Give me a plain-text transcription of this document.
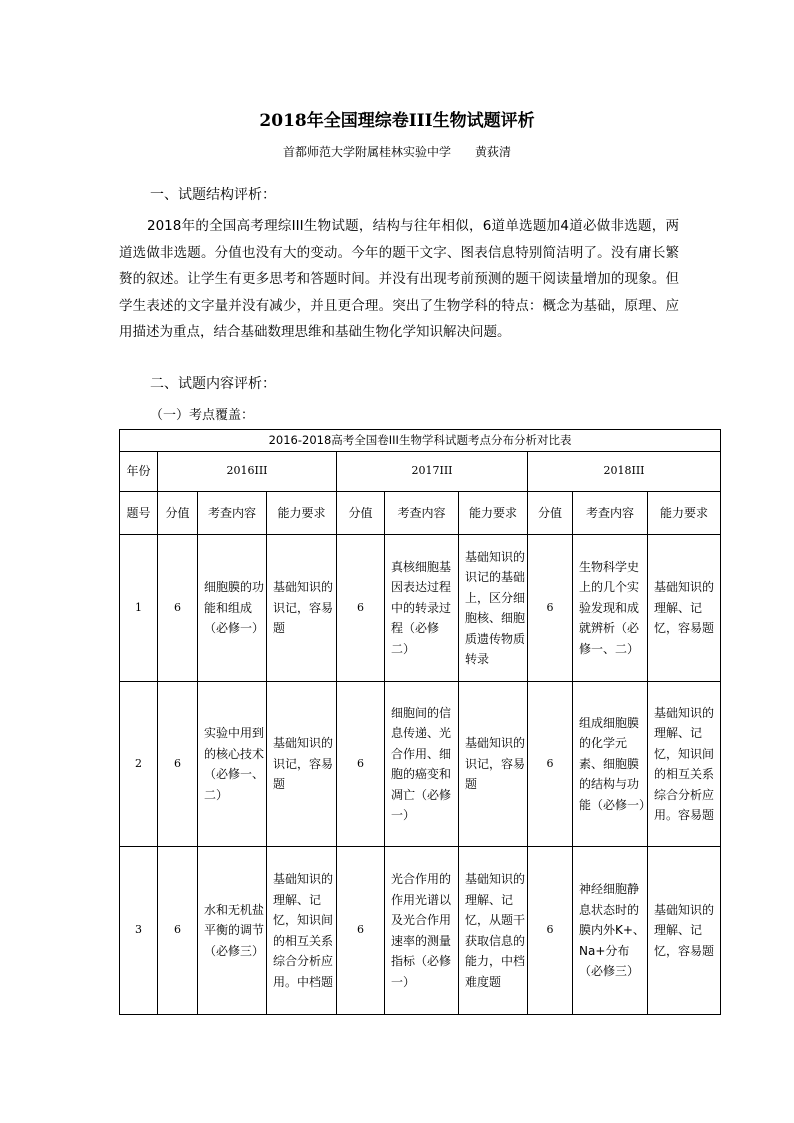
2018年全国理综卷III生物试题评析
首都师范大学附属桂林实验中学 黄荻清
一、试题结构评析：
2018年的全国高考理综III生物试题，结构与往年相似，6道单选题加4道必做非选题，两道选做非选题。分值也没有大的变动。今年的题干文字、图表信息特别简洁明了。没有庸长繁赘的叙述。让学生有更多思考和答题时间。并没有出现考前预测的题干阅读量增加的现象。但学生表述的文字量并没有减少，并且更合理。突出了生物学科的特点：概念为基础，原理、应用描述为重点，结合基础数理思维和基础生物化学知识解决问题。
二、试题内容评析：
（一）考点覆盖：
2016-2018高考全国卷III生物学科试题考点分布分析对比表									
年份	2016III			2017III			2018III		
题号	分值	考查内容	能力要求	分值	考查内容	能力要求	分值	考查内容	能力要求
1	6	细胞膜的功能和组成（必修一）	基础知识的识记，容易题	6	真核细胞基因表达过程中的转录过程（必修二）	基础知识的识记的基础上，区分细胞核、细胞质遗传物质转录	6	生物科学史上的几个实验发现和成就辨析（必修一、二）	基础知识的理解、记忆，容易题
2	6	实验中用到的核心技术（必修一、二）	基础知识的识记，容易题	6	细胞间的信息传递、光合作用、细胞的癌变和凋亡（必修一）	基础知识的识记，容易题	6	组成细胞膜的化学元素、细胞膜的结构与功能（必修一）	基础知识的理解、记忆，知识间的相互关系综合分析应用。容易题
3	6	水和无机盐平衡的调节（必修三）	基础知识的理解、记忆，知识间的相互关系综合分析应用。中档题	6	光合作用的作用光谱以及光合作用速率的测量指标（必修一）	基础知识的理解、记忆，从题干获取信息的能力，中档难度题	6	神经细胞静息状态时的膜内外K+、Na+分布（必修三）	基础知识的理解、记忆，容易题
